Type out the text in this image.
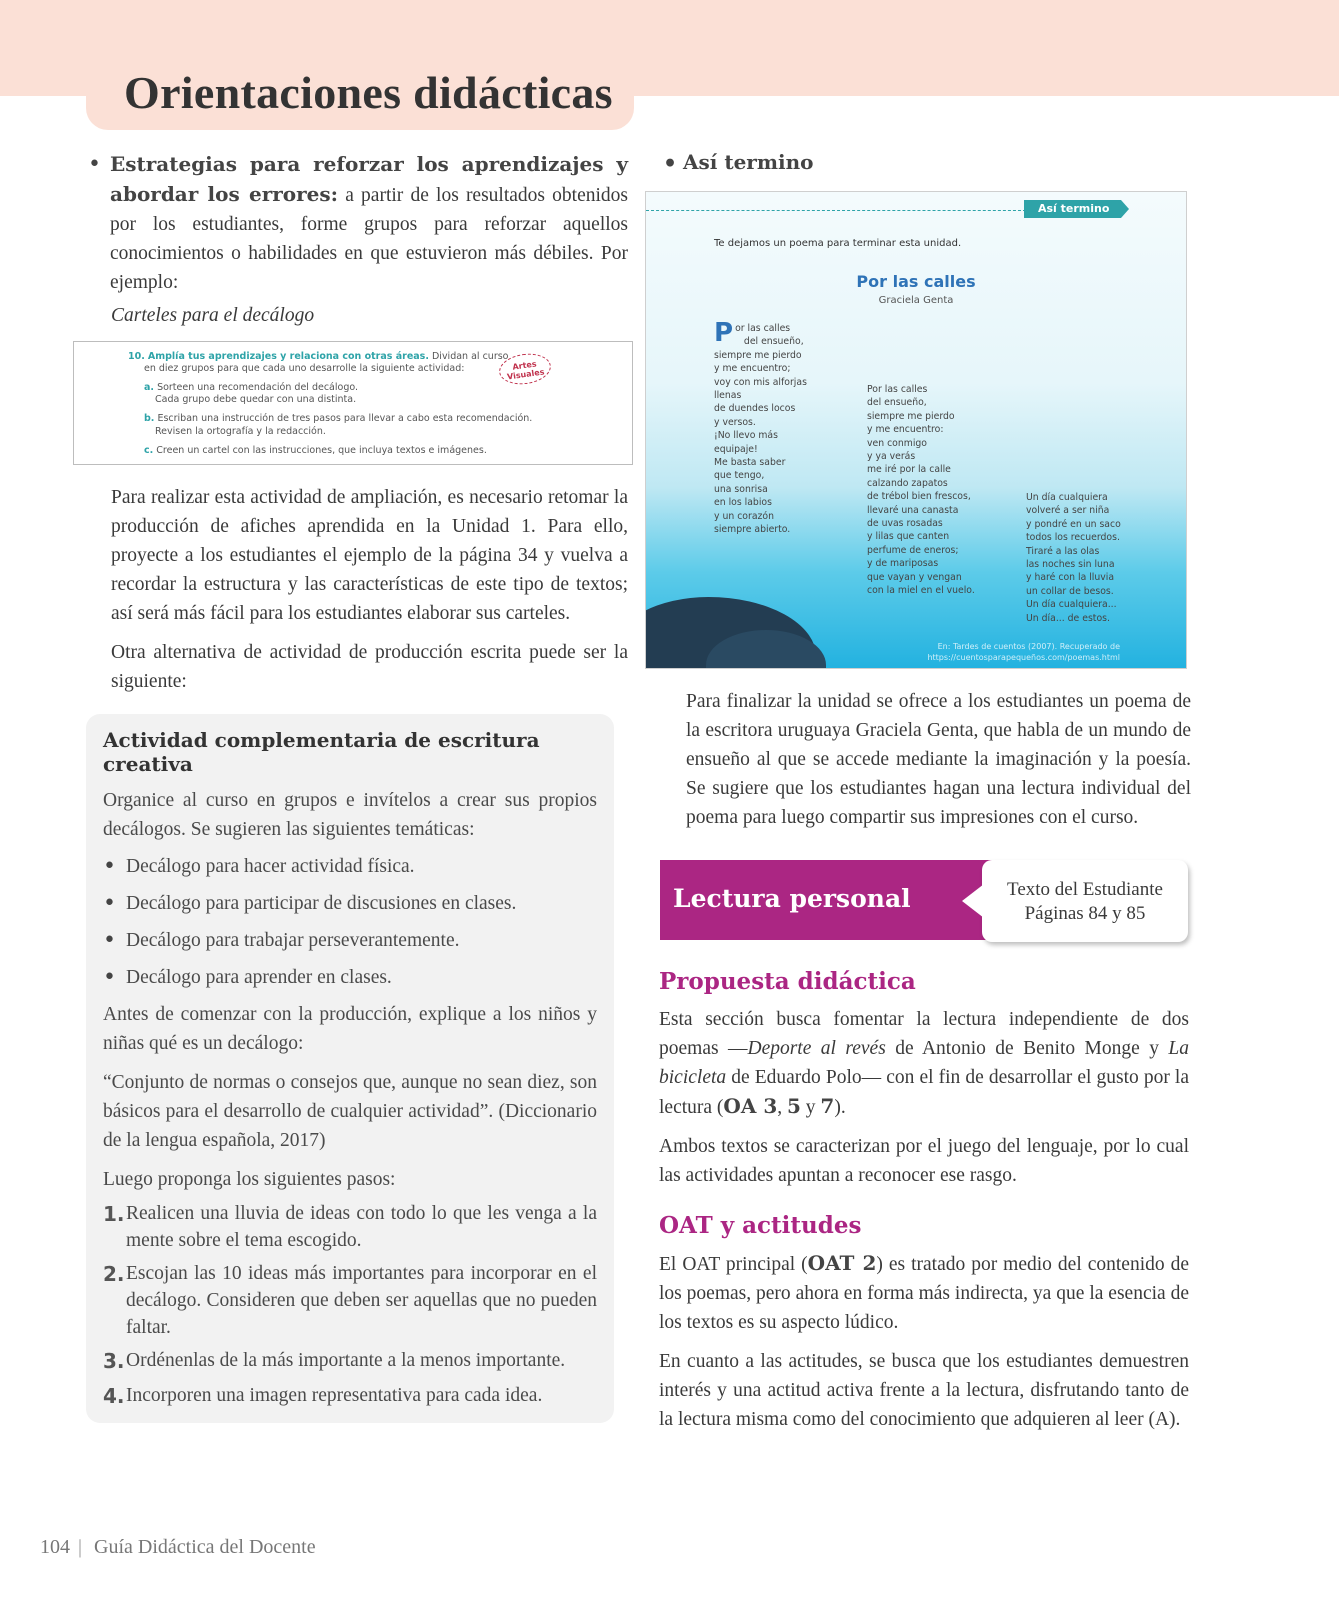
Orientaciones didácticas
• Estrategias para reforzar los aprendizajes y abordar los errores: a partir de los resultados obtenidos por los estudiantes, forme grupos para reforzar aquellos conocimientos o habilidades en que estuvieron más débiles. Por ejemplo:

Carteles para el decálogo
10. Amplía tus aprendizajes y relaciona con otras áreas. Dividan al curso
en diez grupos para que cada uno desarrolle la siguiente actividad:	Artes Visuales
a. Sorteen una recomendación del decálogo.
Cada grupo debe quedar con una distinta.
b. Escriban una instrucción de tres pasos para llevar a cabo esta recomendación.
Revisen la ortografía y la redacción.
c. Creen un cartel con las instrucciones, que incluya textos e imágenes.

Para realizar esta actividad de ampliación, es necesario retomar la producción de afiches aprendida en la Unidad 1. Para ello, proyecte a los estudiantes el ejemplo de la página 34 y vuelva a recordar la estructura y las características de este tipo de textos; así será más fácil para los estudiantes elaborar sus carteles.

Otra alternativa de actividad de producción escrita puede ser la siguiente:

Actividad complementaria de escritura creativa

Organice al curso en grupos e invítelos a crear sus propios decálogos. Se sugieren las siguientes temáticas:

• Decálogo para hacer actividad física.
• Decálogo para participar de discusiones en clases.
• Decálogo para trabajar perseverantemente.
• Decálogo para aprender en clases.

Antes de comenzar con la producción, explique a los niños y niñas qué es un decálogo:

“Conjunto de normas o consejos que, aunque no sean diez, son básicos para el desarrollo de cualquier actividad”. (Diccionario de la lengua española, 2017)

Luego proponga los siguientes pasos:

1. Realicen una lluvia de ideas con todo lo que les venga a la mente sobre el tema escogido.
2. Escojan las 10 ideas más importantes para incorporar en el decálogo. Consideren que deben ser aquellas que no pueden faltar.
3. Ordénenlas de la más importante a la menos importante.
4. Incorporen una imagen representativa para cada idea.
• Así termino
Así termino
Te dejamos un poema para terminar esta unidad.
Por las calles
Graciela Genta
Por las calles
del ensueño,
siempre me pierdo
y me encuentro;
voy con mis alforjas
llenas
de duendes locos
y versos.
¡No llevo más
equipaje!
Me basta saber
que tengo,
una sonrisa
en los labios
y un corazón
siempre abierto.
Por las calles
del ensueño,
siempre me pierdo
y me encuentro:
ven conmigo
y ya verás
me iré por la calle
calzando zapatos
de trébol bien frescos,
llevaré una canasta
de uvas rosadas
y lilas que canten
perfume de eneros;
y de mariposas
que vayan y vengan
con la miel en el vuelo.
Un día cualquiera
volveré a ser niña
y pondré en un saco
todos los recuerdos.
Tiraré a las olas
las noches sin luna
y haré con la lluvia
un collar de besos.
Un día cualquiera...
Un día... de estos.
En: Tardes de cuentos (2007). Recuperado de
https://cuentosparapequeños.com/poemas.html

Para finalizar la unidad se ofrece a los estudiantes un poema de la escritora uruguaya Graciela Genta, que habla de un mundo de ensueño al que se accede mediante la imaginación y la poesía. Se sugiere que los estudiantes hagan una lectura individual del poema para luego compartir sus impresiones con el curso.

Lectura personal	Texto del Estudiante
Páginas 84 y 85
Propuesta didáctica

Esta sección busca fomentar la lectura independiente de dos poemas —Deporte al revés de Antonio de Benito Monge y La bicicleta de Eduardo Polo— con el fin de desarrollar el gusto por la lectura (OA 3, 5 y 7).

Ambos textos se caracterizan por el juego del lenguaje, por lo cual las actividades apuntan a reconocer ese rasgo.

OAT y actitudes

El OAT principal (OAT 2) es tratado por medio del contenido de los poemas, pero ahora en forma más indirecta, ya que la esencia de los textos es su aspecto lúdico.

En cuanto a las actitudes, se busca que los estudiantes demuestren interés y una actitud activa frente a la lectura, disfrutando tanto de la lectura misma como del conocimiento que adquieren al leer (A).

104 | Guía Didáctica del Docente
